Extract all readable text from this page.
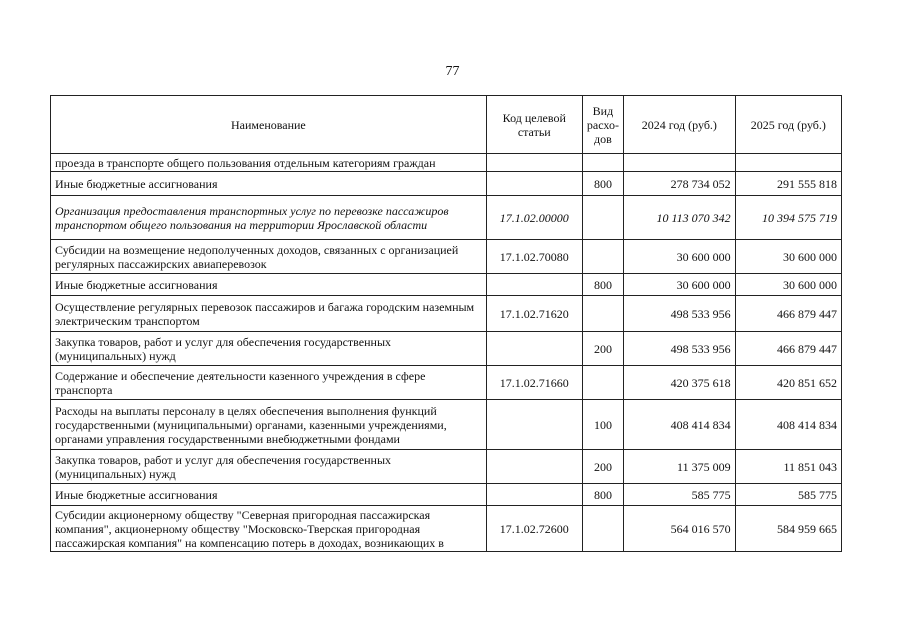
77
Наименование	Код целевой статьи	Вид расхо-дов	2024 год (руб.)	2025 год (руб.)
проезда в транспорте общего пользования отдельным категориям граждан				
Иные бюджетные ассигнования		800	278 734 052	291 555 818
Организация предоставления транспортных услуг по перевозке пассажиров транспортом общего пользования на территории Ярославской области	17.1.02.00000		10 113 070 342	10 394 575 719
Субсидии на возмещение недополученных доходов, связанных с организацией регулярных пассажирских авиаперевозок	17.1.02.70080		30 600 000	30 600 000
Иные бюджетные ассигнования		800	30 600 000	30 600 000
Осуществление регулярных перевозок пассажиров и багажа городским наземным электрическим транспортом	17.1.02.71620		498 533 956	466 879 447
Закупка товаров, работ и услуг для обеспечения государственных (муниципальных) нужд		200	498 533 956	466 879 447
Содержание и обеспечение деятельности казенного учреждения в сфере транспорта	17.1.02.71660		420 375 618	420 851 652
Расходы на выплаты персоналу в целях обеспечения выполнения функций государственными (муниципальными) органами, казенными учреждениями, органами управления государственными внебюджетными фондами		100	408 414 834	408 414 834
Закупка товаров, работ и услуг для обеспечения государственных (муниципальных) нужд		200	11 375 009	11 851 043
Иные бюджетные ассигнования		800	585 775	585 775
Субсидии акционерному обществу "Северная пригородная пассажирская компания", акционерному обществу "Московско-Тверская пригородная пассажирская компания" на компенсацию потерь в доходах, возникающих в	17.1.02.72600		564 016 570	584 959 665
